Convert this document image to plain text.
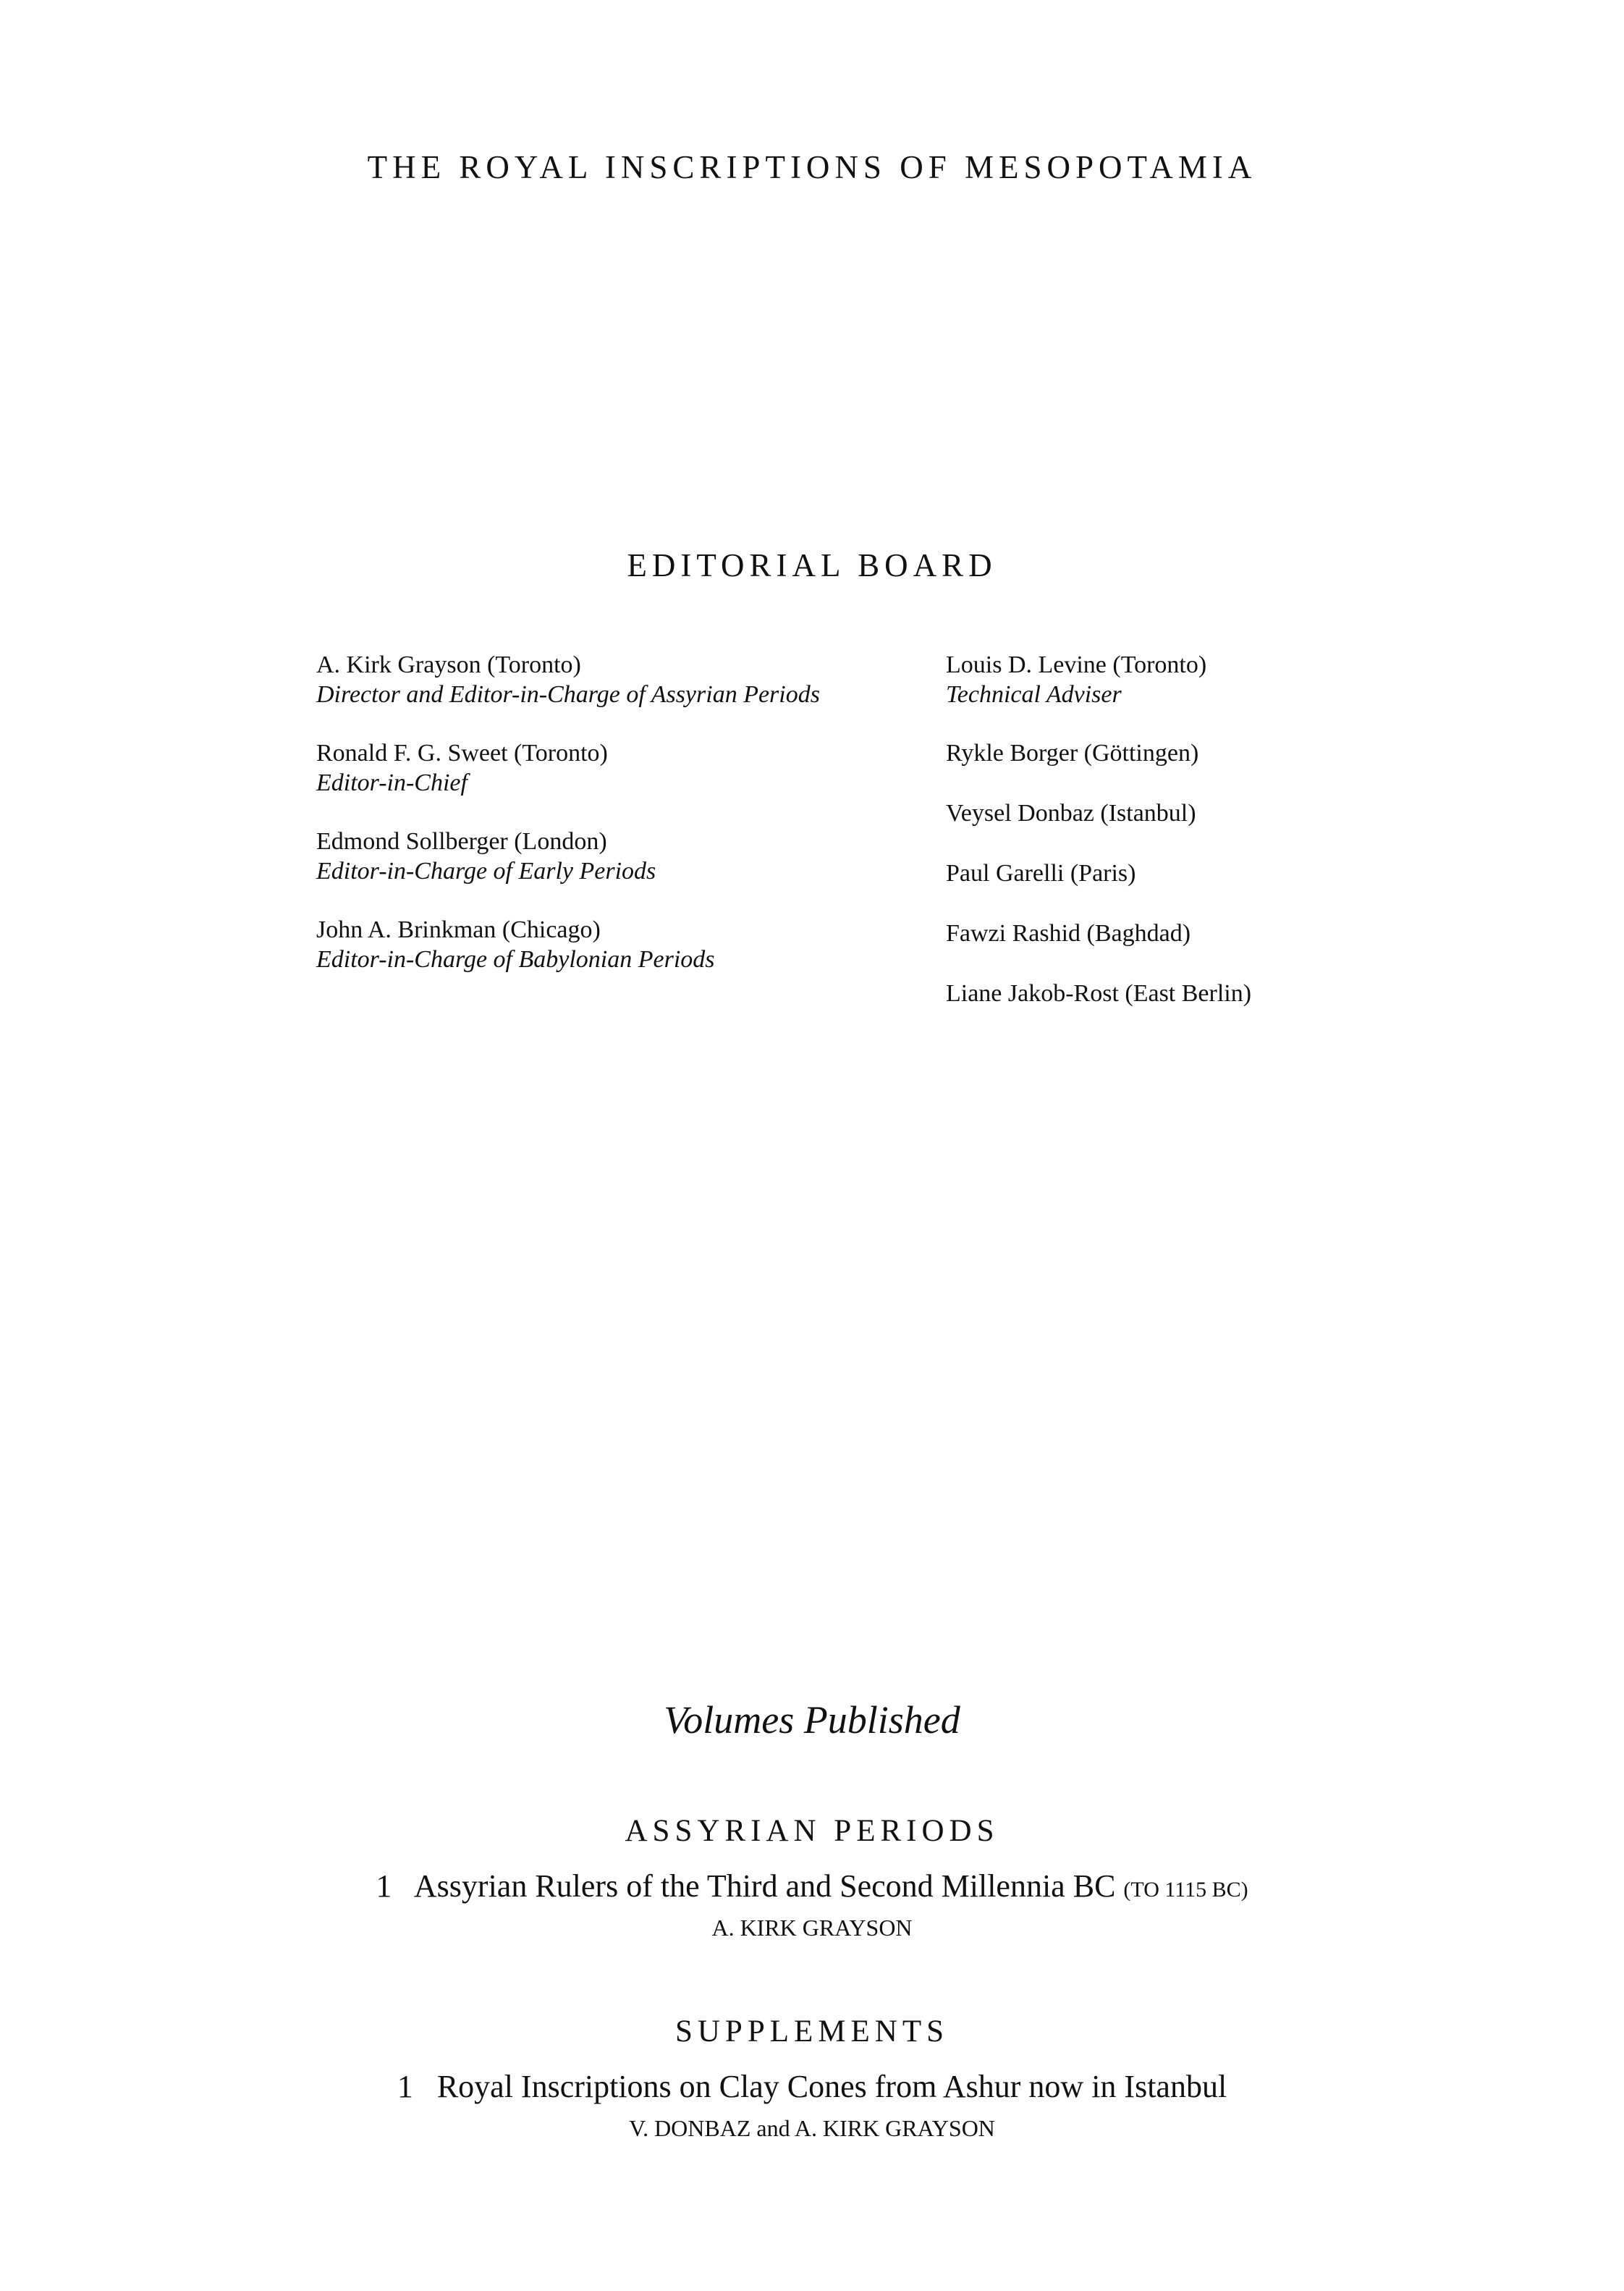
THE ROYAL INSCRIPTIONS OF MESOPOTAMIA
EDITORIAL BOARD
A. Kirk Grayson (Toronto)
Director and Editor-in-Charge of Assyrian Periods
Ronald F. G. Sweet (Toronto)
Editor-in-Chief
Edmond Sollberger (London)
Editor-in-Charge of Early Periods
John A. Brinkman (Chicago)
Editor-in-Charge of Babylonian Periods
Louis D. Levine (Toronto)
Technical Adviser
Rykle Borger (Göttingen)
Veysel Donbaz (Istanbul)
Paul Garelli (Paris)
Fawzi Rashid (Baghdad)
Liane Jakob-Rost (East Berlin)
Volumes Published
ASSYRIAN PERIODS
1 Assyrian Rulers of the Third and Second Millennia BC (TO 1115 BC)
A. KIRK GRAYSON
SUPPLEMENTS
1 Royal Inscriptions on Clay Cones from Ashur now in Istanbul
V. DONBAZ and A. KIRK GRAYSON
